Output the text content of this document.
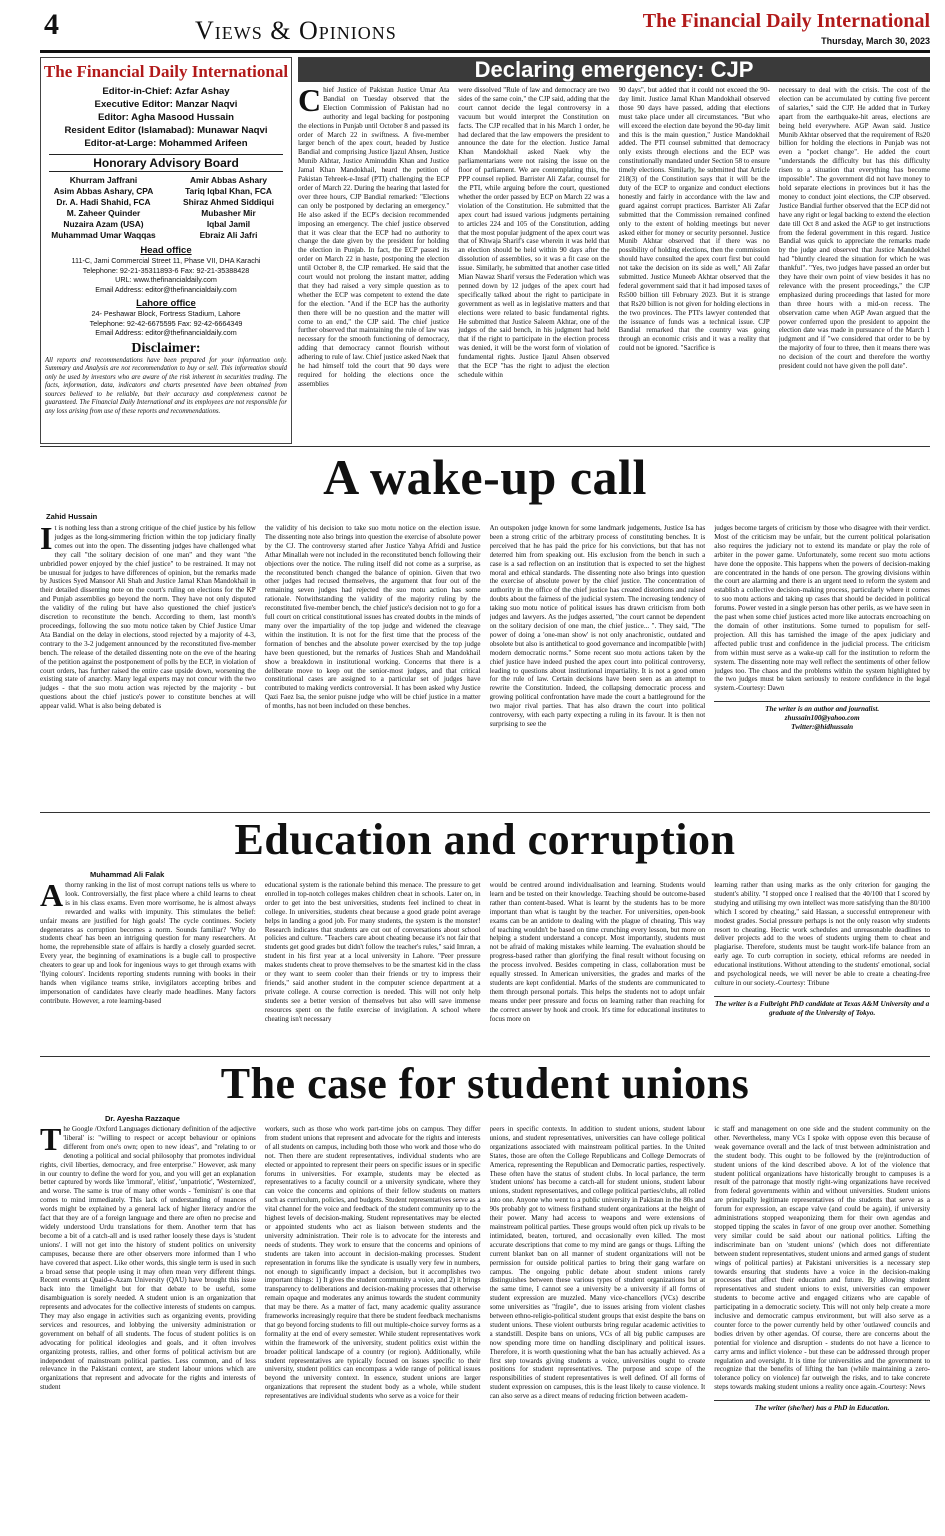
4	Views & Opinions	The Financial Daily International
Thursday, March 30, 2023
The Financial Daily International
Editor-in-Chief: Azfar Ashay
Executive Editor: Manzar Naqvi
Editor: Agha Masood Hussain
Resident Editor (Islamabad): Munawar Naqvi
Editor-at-Large: Mohammed Arifeen
Honorary Advisory Board
Khurram Jaffrani
Asim Abbas Ashary, CPA
Dr. A. Hadi Shahid, FCA
M. Zaheer Quinder
Nuzaira Azam (USA)
Muhammad Umar Waqqas
Amir Abbas Ashary
Tariq Iqbal Khan, FCA
Shiraz Ahmed Siddiqui
Mubasher Mir
Iqbal Jamil
Ebraiz Ali Jafri
Head office
111-C, Jami Commercial Street 11, Phase VII, DHA Karachi
Telephone: 92-21-35311893-6 Fax: 92-21-35388428
URL: www.thefinancialdaily.com
Email Address: editor@thefinancialdaily.com
Lahore office
24- Peshawar Block, Fortress Stadium, Lahore
Telephone: 92-42-6675595 Fax: 92-42-6664349
Email Address: editor@thefinancialdaily.com
Disclaimer:
All reports and recommendations have been prepared for your information only. Summary and Analysis are not recommendation to buy or sell. This information should only be used by investors who are aware of the risk inherent in securities trading. The facts, information, data, indicators and charts presented have been obtained from sources believed to be reliable, but their accuracy and completeness cannot be guaranteed. The Financial Daily International and its employees are not responsible for any loss arising from use of these reports and recommendations.
Declaring emergency: CJP
Chief Justice of Pakistan Justice Umar Ata Bandial on Tuesday observed that the Election Commission of Pakistan had no authority and legal backing for postponing the elections in Punjab until October 8 and passed its order of March 22 in swiftness. A five-member larger bench of the apex court, headed by Justice Bandial and comprising Justice Ijazul Ahsen, Justice Munib Akhtar, Justice Aminuddin Khan and Justice Jamal Khan Mandokhail, heard the petition of Pakistan Tehreek-e-Insaf (PTI) challenging the ECP order of March 22. During the hearing that lasted for over three hours, CJP Bandial remarked: "Elections can only be postponed by declaring an emergency." He also asked if the ECP's decision recommended imposing an emergency. The chief justice observed that it was clear that the ECP had no authority to change the date given by the president for holding the election in Punjab. In fact, the ECP passed its order on March 22 in haste, postponing the election until October 8, the CJP remarked. He said that the court would not prolong the instant matter, adding that they had raised a very simple question as to whether the ECP was competent to extend the date for the election. "And if the ECP has the authority then there will be no question and the matter will come to an end," the CJP said. The chief justice further observed that maintaining the rule of law was necessary for the smooth functioning of democracy, adding that democracy cannot flourish without adhering to rule of law. Chief justice asked Naek that he had himself told the court that 90 days were required for holding the elections once the assemblies
were dissolved "Rule of law and democracy are two sides of the same coin," the CJP said, adding that the court cannot decide the legal controversy in a vacuum but would interpret the Constitution on facts. The CJP recalled that in his March 1 order, he had declared that the law empowers the president to announce the date for the election. Justice Jamal Khan Mandokhail asked Naek why the parliamentarians were not raising the issue on the floor of parliament. We are contemplating this, the PPP counsel replied. Barrister Ali Zafar, counsel for the PTI, while arguing before the court, questioned whether the order passed by ECP on March 22 was a violation of the Constitution. He submitted that the apex court had issued various judgments pertaining to articles 224 and 105 of the Constitution, adding that the most popular judgment of the apex court was that of Khwaja Sharif's case wherein it was held that an election should be held within 90 days after the dissolution of assemblies, so it was a fit case on the issue. Similarly, he submitted that another case titled Mian Nawaz Sharif versus the Federation which was penned down by 12 judges of the apex court had specifically talked about the right to participate in government as well as in legislative matters and that elections were related to basic fundamental rights. He submitted that Justice Saleem Akhtar, one of the judges of the said bench, in his judgment had held that if the right to participate in the election process was denied, it will be the worst form of violation of fundamental rights. Justice Ijazul Ahsen observed that the ECP "has the right to adjust the election schedule within
90 days", but added that it could not exceed the 90-day limit. Justice Jamal Khan Mandokhail observed those 90 days have passed, adding that elections must take place under all circumstances. "But who will exceed the election date beyond the 90-day limit and this is the main question," Justice Mandokhail added. The PTI counsel submitted that democracy only exists through elections and the ECP was constitutionally mandated under Section 58 to ensure timely elections. Similarly, he submitted that Article 218(3) of the Constitution says that it will be the duty of the ECP to organize and conduct elections honestly and fairly in accordance with the law and guard against corrupt practices. Barrister Ali Zafar submitted that the Commission remained confined only to the extent of holding meetings but never asked either for money or security personnel. Justice Munib Akhtar observed that if there was no possibility of holding elections, then the commission should have consulted the apex court first but could not take the decision on its side as well," Ali Zafar submitted. Justice Muneeb Akhtar observed that the federal government said that it had imposed taxes of Rs500 billion till February 2023. But it is strange that Rs20 billion is not given for holding elections in the two provinces. The PTI's lawyer contended that the issuance of funds was a technical issue. CJP Bandial remarked that the country was going through an economic crisis and it was a reality that could not be ignored. "Sacrifice is
necessary to deal with the crisis. The cost of the election can be accumulated by cutting five percent of salaries," said the CJP. He added that in Turkey apart from the earthquake-hit areas, elections are being held everywhere. AGP Awan said. Justice Munib Akhtar observed that the requirement of Rs20 billion for holding the elections in Punjab was not even a "pocket change". He added the court "understands the difficulty but has this difficulty risen to a situation that everything has become impossible". The government did not have money to hold separate elections in provinces but it has the money to conduct joint elections, the CJP observed. Justice Bandial further observed that the ECP did not have any right or legal backing to extend the election date till Oct 8 and asked the AGP to get instructions from the federal government in this regard. Justice Bandial was quick to appreciate the remarks made by the judge and observed that Justice Mandokhel had "bluntly cleared the situation for which he was thankful". "Yes, two judges have passed an order but they have their own point of view besides it has no relevance with the present proceedings," the CJP emphasized during proceedings that lasted for more than three hours with a mid-on recess. The observation came when AGP Awan argued that the power conferred upon the president to appoint the election date was made in pursuance of the March 1 judgment and if "we considered that order to be by the majority of four to three, then it means there was no decision of the court and therefore the worthy president could not have given the poll date".
A wake-up call
Zahid Hussain
It is nothing less than a strong critique of the chief justice by his fellow judges as the long-simmering friction within the top judiciary finally comes out into the open. The dissenting judges have challenged what they call "the solitary decision of one man" and they want "the unbridled power enjoyed by the chief justice" to be restrained. It may not be unusual for judges to have differences of opinion, but the remarks made by Justices Syed Mansoor Ali Shah and Justice Jamal Khan Mandokhail in their detailed dissenting note on the court's ruling on elections for the KP and Punjab assemblies go beyond the norm. They have not only disputed the validity of the ruling but have also questioned the chief justice's discretion to reconstitute the bench. According to them, last month's proceedings, following the suo motu notice taken by Chief Justice Umar Ata Bandial on the delay in elections, stood rejected by a majority of 4-3, contrary to the 3-2 judgement announced by the reconstituted five-member bench. The release of the detailed dissenting note on the eve of the hearing of the petition against the postponement of polls by the ECP, in violation of court orders, has further raised the entire case upside down, worsening the existing state of anarchy. Many legal experts may not concur with the two judges - that the suo motu action was rejected by the majority - but questions about the chief justice's power to constitute benches at will appear valid. What is also being debated is
the validity of his decision to take suo motu notice on the election issue. The dissenting note also brings into question the exercise of absolute power by the CJ. The controversy started after Justice Yahya Afridi and Justice Athar Minallah were not included in the reconstituted bench following their objections over the notice. The ruling itself did not come as a surprise, as the reconstituted bench changed the balance of opinion. Given that two other judges had recused themselves, the argument that four out of the remaining seven judges had rejected the suo motu action has some rationale. Notwithstanding the validity of the majority ruling by the reconstituted five-member bench, the chief justice's decision not to go for a full court on critical constitutional issues has created doubts in the minds of many over the impartiality of the top judge and widened the cleavage within the institution. It is not for the first time that the process of the formation of benches and the absolute power exercised by the top judge have been questioned, but the remarks of Justices Shah and Mandokhail show a breakdown in institutional working. Concerns that there is a deliberate move to keep out the senior-most judges, and that critical constitutional cases are assigned to a particular set of judges have contributed to making verdicts controversial. It has been asked why Justice Qazi Faez Isa, the senior puisne judge who will be chief justice in a matter of months, has not been included on these benches.
An outspoken judge known for some landmark judgements, Justice Isa has been a strong critic of the arbitrary process of constituting benches. It is perceived that he has paid the price for his convictions, but that has not deterred him from speaking out. His exclusion from the bench in such a case is a sad reflection on an institution that is expected to set the highest moral and ethical standards. The dissenting note also brings into question the exercise of absolute power by the chief justice. The concentration of authority in the office of the chief justice has created distortions and raised doubts about the fairness of the judicial system. The increasing tendency of taking suo motu notice of political issues has drawn criticism from both judges and lawyers. As the judges asserted, "the court cannot be dependent on the solitary decision of one man, the chief justice... ". They said, "The power of doing a 'one-man show' is not only anachronistic, outdated and obsolete but also is antithetical to good governance and incompatible [with] modern democratic norms." Some recent suo motu actions taken by the chief justice have indeed pushed the apex court into political controversy, leading to questions about institutional impartiality. It is not a good omen for the rule of law. Certain decisions have been seen as an attempt to rewrite the Constitution. Indeed, the collapsing democratic process and growing political confrontation have made the court a battleground for the two major rival parties. That has also drawn the court into political controversy, with each party expecting a ruling in its favour. It is then not surprising to see the
judges become targets of criticism by those who disagree with their verdict. Most of the criticism may be unfair, but the current political polarisation also requires the judiciary not to extend its mandate or play the role of arbiter in the power game. Unfortunately, some recent suo motu actions have done the opposite. This happens when the powers of decision-making are concentrated in the hands of one person. The growing divisions within the court are alarming and there is an urgent need to reform the system and establish a collective decision-making process, particularly where it comes to suo motu actions and taking up cases that should be decided in political forums. Power vested in a single person has other perils, as we have seen in the past when some chief justices acted more like autocrats encroaching on the domain of other institutions. Some turned to populism for self-projection. All this has tarnished the image of the apex judiciary and affected public trust and confidence in the judicial process. The criticism from within must serve as a wake-up call for the institution to reform the system. The dissenting note may well reflect the sentiments of other fellow judges too. The chaos and the problems within the system highlighted by the two judges must be taken seriously to restore confidence in the legal system.-Courtesy: Dawn
The writer is an author and journalist.
zhussain100@yahoo.com
Twitter:@hidhussain
Education and corruption
Muhammad Ali Falak
Athorny ranking in the list of most corrupt nations tells us where to look. Controversially, the first place where a child learns to cheat is in his class exams. Even more worrisome, he is almost always rewarded and walks with impunity. This stimulates the belief: unfair means are justified for high goals! The cycle continues. Society degenerates as corruption becomes a norm. Sounds familiar? 'Why do students cheat' has been an intriguing question for many researchers. At home, the reprehensible state of affairs is hardly a closely guarded secret. Every year, the beginning of examinations is a bugle call to prospective cheaters to gear up and look for ingenious ways to get through exams with 'flying colours'. Incidents reporting students running with books in their hands when vigilance teams strike, invigilators accepting bribes and impersonation of candidates have clearly made headlines. Many factors contribute. However, a rote learning-based
educational system is the rationale behind this menace. The pressure to get enrolled in top-notch colleges makes children cheat in schools. Later on, in order to get into the best universities, students feel inclined to cheat in college. In universities, students cheat because a good grade point average helps in landing a good job. For many students, the system is the monster! Research indicates that students are cut out of conversations about school policies and culture. "Teachers care about cheating because it's not fair that students get good grades but didn't follow the teacher's rules," said Imran, a student in his first year at a local university in Lahore. "Peer pressure makes students cheat to prove themselves to be the smartest kid in the class or they want to seem cooler than their friends or try to impress their friends," said another student in the computer science department at a private college. A course correction is needed. This will not only help students see a better version of themselves but also will save immense resources spent on the futile exercise of invigilation. A school where cheating isn't necessary
would be centred around individualisation and learning. Students would learn and be tested on their knowledge. Teaching should be outcome-based rather than content-based. What is learnt by the students has to be more important than what is taught by the teacher. For universities, open-book exams can be an antidote to dealing with the plague of cheating. This way of teaching wouldn't be based on time crunching every lesson, but more on helping a student understand a concept. Most importantly, students must not be afraid of making mistakes while learning. The evaluation should be progress-based rather than glorifying the final result without focusing on the process involved. Besides competing in class, collaboration must be equally stressed. In American universities, the grades and marks of the students are kept confidential. Marks of the students are communicated to them through personal portals. This helps the students not to adopt unfair means under peer pressure and focus on learning rather than reaching for the correct answer by hook and crook. It's time for educational institutes to focus more on
learning rather than using marks as the only criterion for gauging the student's ability. "I stopped once I realised that the 40/100 that I scored by studying and utilising my own intellect was more satisfying than the 80/100 which I scored by cheating," said Hassan, a successful entrepreneur with modest grades. Social pressure perhaps is not the only reason why students resort to cheating. Hectic work schedules and unreasonable deadlines to deliver projects add to the woes of students urging them to cheat and plagiarise. Therefore, students must be taught work-life balance from an early age. To curb corruption in society, ethical reforms are needed in educational institutions. Without attending to the students' emotional, social and psychological needs, we will never be able to create a cheating-free culture in our society.-Courtesy: Tribune
The writer is a Fulbright PhD candidate at Texas A&M University and a graduate of the University of Tokyo.
The case for student unions
Dr. Ayesha Razzaque
The Google /Oxford Languages dictionary definition of the adjective 'liberal' is: "willing to respect or accept behaviour or opinions different from one's own; open to new ideas", and "relating to or denoting a political and social philosophy that promotes individual rights, civil liberties, democracy, and free enterprise." However, ask many in our country to define the word for you, and you will get an explanation better captured by words like 'immoral', 'elitist', 'unpatriotic', 'Westernized', and worse. The same is true of many other words - 'feminism' is one that comes to mind immediately. This lack of understanding of nuances of words might be explained by a general lack of higher literacy and/or the fact that they are of a foreign language and there are often no precise and widely understood Urdu translations for them. Another term that has become a bit of a catch-all and is used rather loosely these days is 'student unions'. I will not get into the history of student politics on university campuses, because there are other observers more informed than I who have covered that aspect. Like other words, this single term is used in such a broad sense that people using it may often mean very different things. Recent events at Quaid-e-Azam University (QAU) have brought this issue back into the limelight but for that debate to be useful, some disambiguation is sorely needed. A student union is an organization that represents and advocates for the collective interests of students on campus. They may also engage in activities such as organizing events, providing services and resources, and lobbying the university administration or government on behalf of all students. The focus of student politics is on advocating for political ideologies and goals, and it often involves organizing protests, rallies, and other forms of political activism but are independent of mainstream political parties. Less common, and of less relevance in the Pakistani context, are student labour unions which are organizations that represent and advocate for the rights and interests of student
workers, such as those who work part-time jobs on campus. They differ from student unions that represent and advocate for the rights and interests of all students on campus, including both those who work and those who do not. Then there are student representatives, individual students who are elected or appointed to represent their peers on specific issues or in specific forums in universities. For example, students may be elected as representatives to a faculty council or a university syndicate, where they can voice the concerns and opinions of their fellow students on matters such as curriculum, policies, and budgets. Student representatives serve as a vital channel for the voice and feedback of the student community up to the highest levels of decision-making. Student representatives may be elected or appointed students who act as liaison between students and the university administration. Their role is to advocate for the interests and needs of students. They work to ensure that the concerns and opinions of students are taken into account in decision-making processes. Student representation in forums like the syndicate is usually very few in numbers, not enough to significantly impact a decision, but it accomplishes two important things: 1) It gives the student community a voice, and 2) it brings transparency to deliberations and decision-making processes that otherwise remain opaque and moderates any animus towards the student community that may be there. As a matter of fact, many academic quality assurance frameworks increasingly require that there be student feedback mechanisms that go beyond forcing students to fill out multiple-choice survey forms as a formality at the end of every semester. While student representatives work within the framework of the university, student politics exist within the broader political landscape of a country (or region). Additionally, while student representatives are typically focused on issues specific to their university, student politics can encompass a wide range of political issues beyond the university context. In essence, student unions are larger organizations that represent the student body as a whole, while student representatives are individual students who serve as a voice for their
peers in specific contexts. In addition to student unions, student labour unions, and student representatives, universities can have college political organizations associated with mainstream political parties. In the United States, those are often the College Republicans and College Democrats of America, representing the Republican and Democratic parties, respectively. These often have the status of student clubs. In local parlance, the term 'student unions' has become a catch-all for student unions, student labour unions, student representatives, and college political parties/clubs, all rolled into one. Anyone who went to a public university in Pakistan in the 80s and 90s probably got to witness firsthand student organizations at the height of their power. Many had access to weapons and were extensions of mainstream political parties. These groups would often pick up rivals to be intimidated, beaten, tortured, and occasionally even killed. The most accurate descriptions that come to my mind are gangs or thugs. Lifting the current blanket ban on all manner of student organizations will not be permission for outside political parties to bring their gang warfare on campus. The ongoing public debate about student unions rarely distinguishes between these various types of student organizations but at the same time, I cannot see a university be a university if all forms of student expression are muzzled. Many vice-chancellors (VCs) describe some universities as "fragile", due to issues arising from violent clashes between ethno-religio-political student groups that exist despite the bans on student unions. These violent outbursts bring regular academic activities to a standstill. Despite bans on unions, VCs of all big public campuses are now spending more time on handling disciplinary and political issues. Therefore, it is worth questioning what the ban has actually achieved. As a first step towards giving students a voice, universities ought to create positions for student representatives. The purpose and scope of the responsibilities of student representatives is well defined. Of all forms of student expression on campuses, this is the least likely to cause violence. It can also serve as a direct means of reducing friction between academ-
ic staff and management on one side and the student community on the other. Nevertheless, many VCs I spoke with oppose even this because of weak governance overall and the lack of trust between administration and the student body. This ought to be followed by the (re)introduction of student unions of the kind described above. A lot of the violence that student political organizations have historically brought to campuses is a result of the patronage that mostly right-wing organizations have received from federal governments within and without universities. Student unions are principally legitimate representatives of the students that serve as a forum for expression, an escape valve (and could be again), if university administrations stopped weaponizing them for their own agendas and stopped tipping the scales in favor of one group over another. Something very similar could be said about our national politics. Lifting the indiscriminate ban on 'student unions' (which does not differentiate between student representatives, student unions and armed gangs of student wings of political parties) at Pakistani universities is a necessary step towards ensuring that students have a voice in the decision-making processes that affect their education and future. By allowing student representatives and student unions to exist, universities can empower students to become active and engaged citizens who are capable of participating in a democratic society. This will not only help create a more inclusive and democratic campus environment, but will also serve as a counter force to the power currently held by other 'outlawed' councils and bodies driven by other agendas. Of course, there are concerns about the potential for violence and disruption - students do not have a licence to carry arms and inflict violence - but these can be addressed through proper regulation and oversight. It is time for universities and the government to recognize that the benefits of lifting the ban (while maintaining a zero-tolerance policy on violence) far outweigh the risks, and to take concrete steps towards making student unions a reality once again.-Courtesy: News
The writer (she/her) has a PhD in Education.
